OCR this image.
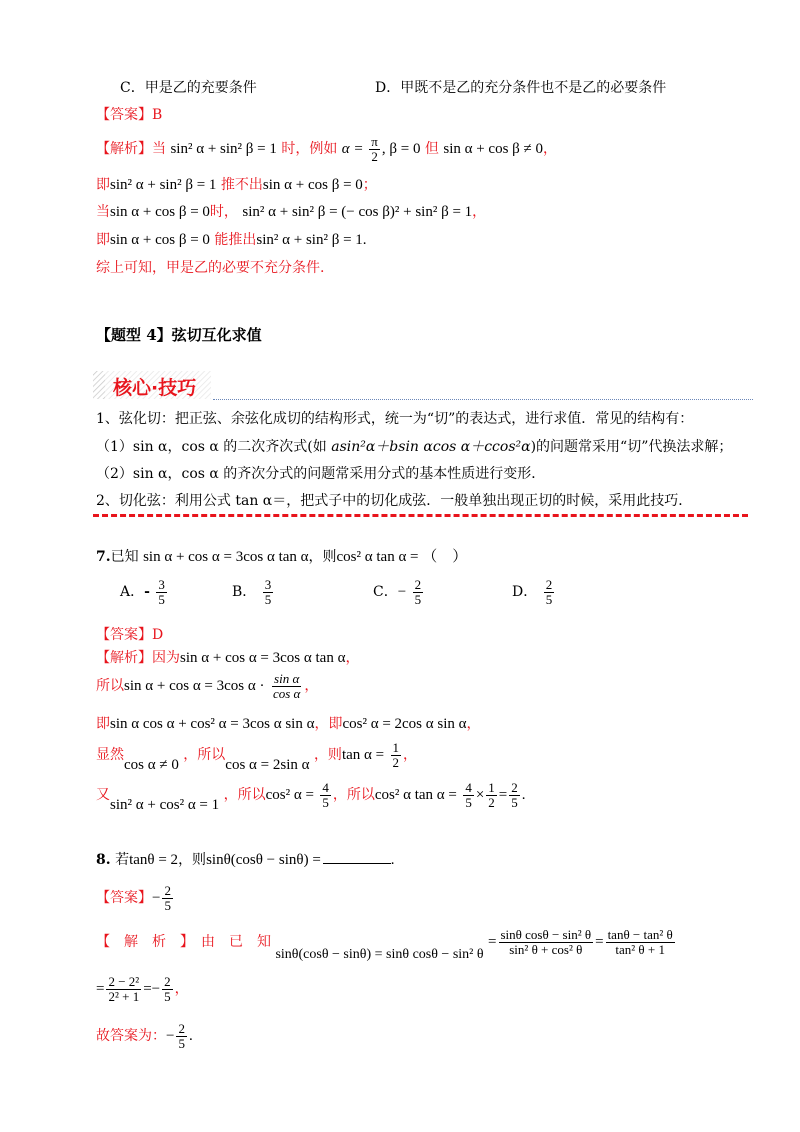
C．甲是乙的充要条件	D．甲既不是乙的充分条件也不是乙的必要条件
【答案】B
【解析】当 sin² α + sin² β = 1 时，例如 $\alpha = \frac{\pi}{2}$ , β = 0 但 sin α + cos β ≠ 0，
即sin² α + sin² β = 1 推不出sin α + cos β = 0；
当sin α + cos β = 0时， sin² α + sin² β = (− cos β)² + sin² β = 1，
即sin α + cos β = 0 能推出sin² α + sin² β = 1.
综上可知，甲是乙的必要不充分条件.
【题型 4】弦切互化求值
核心·技巧
1、弦化切：把正弦、余弦化成切的结构形式，统一为“切”的表达式，进行求值．常见的结构有：
（1）sin α，cos α 的二次齐次式(如 asin²α＋bsin αcos α＋ccos²α)的问题常采用“切”代换法求解；
（2）sin α，cos α 的齐次分式的问题常采用分式的基本性质进行变形．
2、切化弦：利用公式 tan α＝，把式子中的切化成弦．一般单独出现正切的时候，采用此技巧．
7.已知 sin α + cos α = 3cos α tan α，则cos² α tan α = （　）
A．- $\frac{3}{5}$	B． $\frac{3}{5}$	C．− $\frac{2}{5}$	D． $\frac{2}{5}$
【答案】D
【解析】因为sin α + cos α = 3cos α tan α，
所以sin α + cos α = 3cos $\alpha \cdot \frac{\text{sin α}}{\text{cos α}}$ ，
即sin α cos α + cos² α = 3cos α sin α，即cos² α = 2cos α sin α，
显然cos α ≠ 0 ，所以cos α = 2sin α ，则$\tan \alpha = \frac{1}{2}$ ，
又sin² α + cos² α = 1 ，所以cos² $\alpha = \frac{4}{5}$ ，所以cos² α $\tan \alpha = \frac{4}{5} \times \frac{1}{2} = \frac{2}{5}$ .
8. 若tanθ = 2，则sinθ(cosθ − sinθ) =	.
【答案】− $\frac{2}{5}$
【　解　析　】　由　已　知 sinθ(cosθ − sinθ) = sinθ cosθ − sin² $\theta = \frac{\text{sinθ cosθ − sin² θ}}{\text{sin² θ + cos² θ}} = \frac{\text{tanθ − tan² θ}}{\text{tan² θ + 1}}$
= $\frac{\text{2 − 2²}}{\text{2² + 1}} =- \frac{2}{5}$ ，
故答案为：− $\frac{2}{5}$ .
